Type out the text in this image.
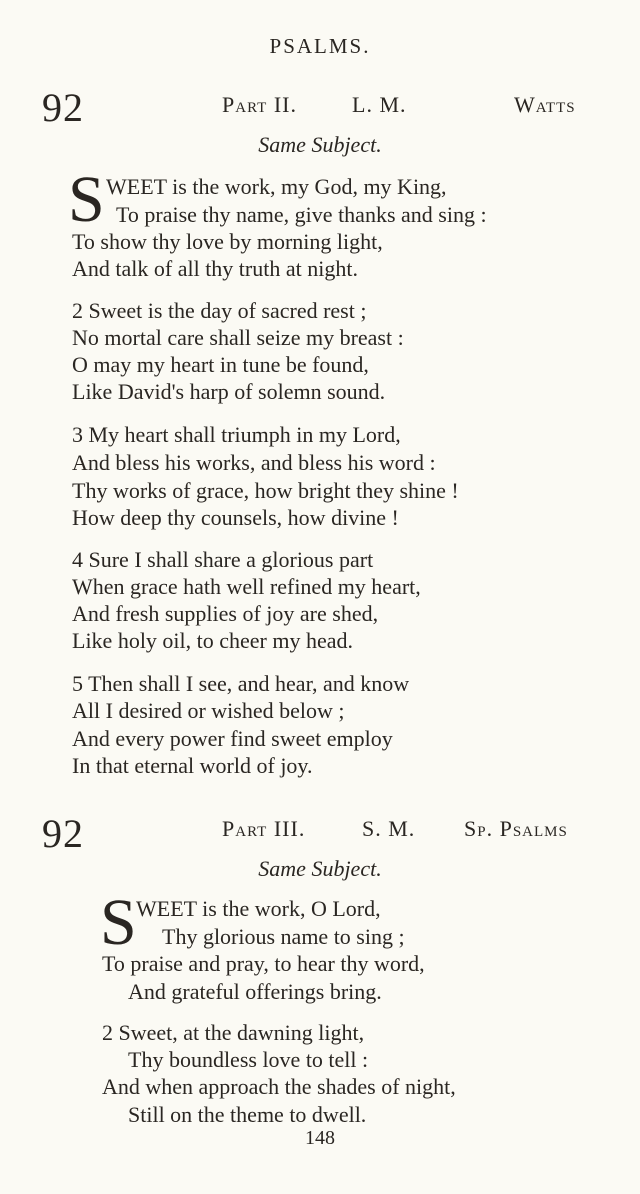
PSALMS.
92	Part II.	L. M.	Watts
Same Subject.
S WEET is the work, my God, my King,
To praise thy name, give thanks and sing :
To show thy love by morning light,
And talk of all thy truth at night.
2 Sweet is the day of sacred rest ;
No mortal care shall seize my breast :
O may my heart in tune be found,
Like David's harp of solemn sound.
3 My heart shall triumph in my Lord,
And bless his works, and bless his word :
Thy works of grace, how bright they shine !
How deep thy counsels, how divine !
4 Sure I shall share a glorious part
When grace hath well refined my heart,
And fresh supplies of joy are shed,
Like holy oil, to cheer my head.
5 Then shall I see, and hear, and know
All I desired or wished below ;
And every power find sweet employ
In that eternal world of joy.
92	Part III.	S. M. Sp. Psalms
Same Subject.
S WEET is the work, O Lord,
Thy glorious name to sing ;
To praise and pray, to hear thy word,
And grateful offerings bring.
2 Sweet, at the dawning light,
Thy boundless love to tell :
And when approach the shades of night,
Still on the theme to dwell.
148
